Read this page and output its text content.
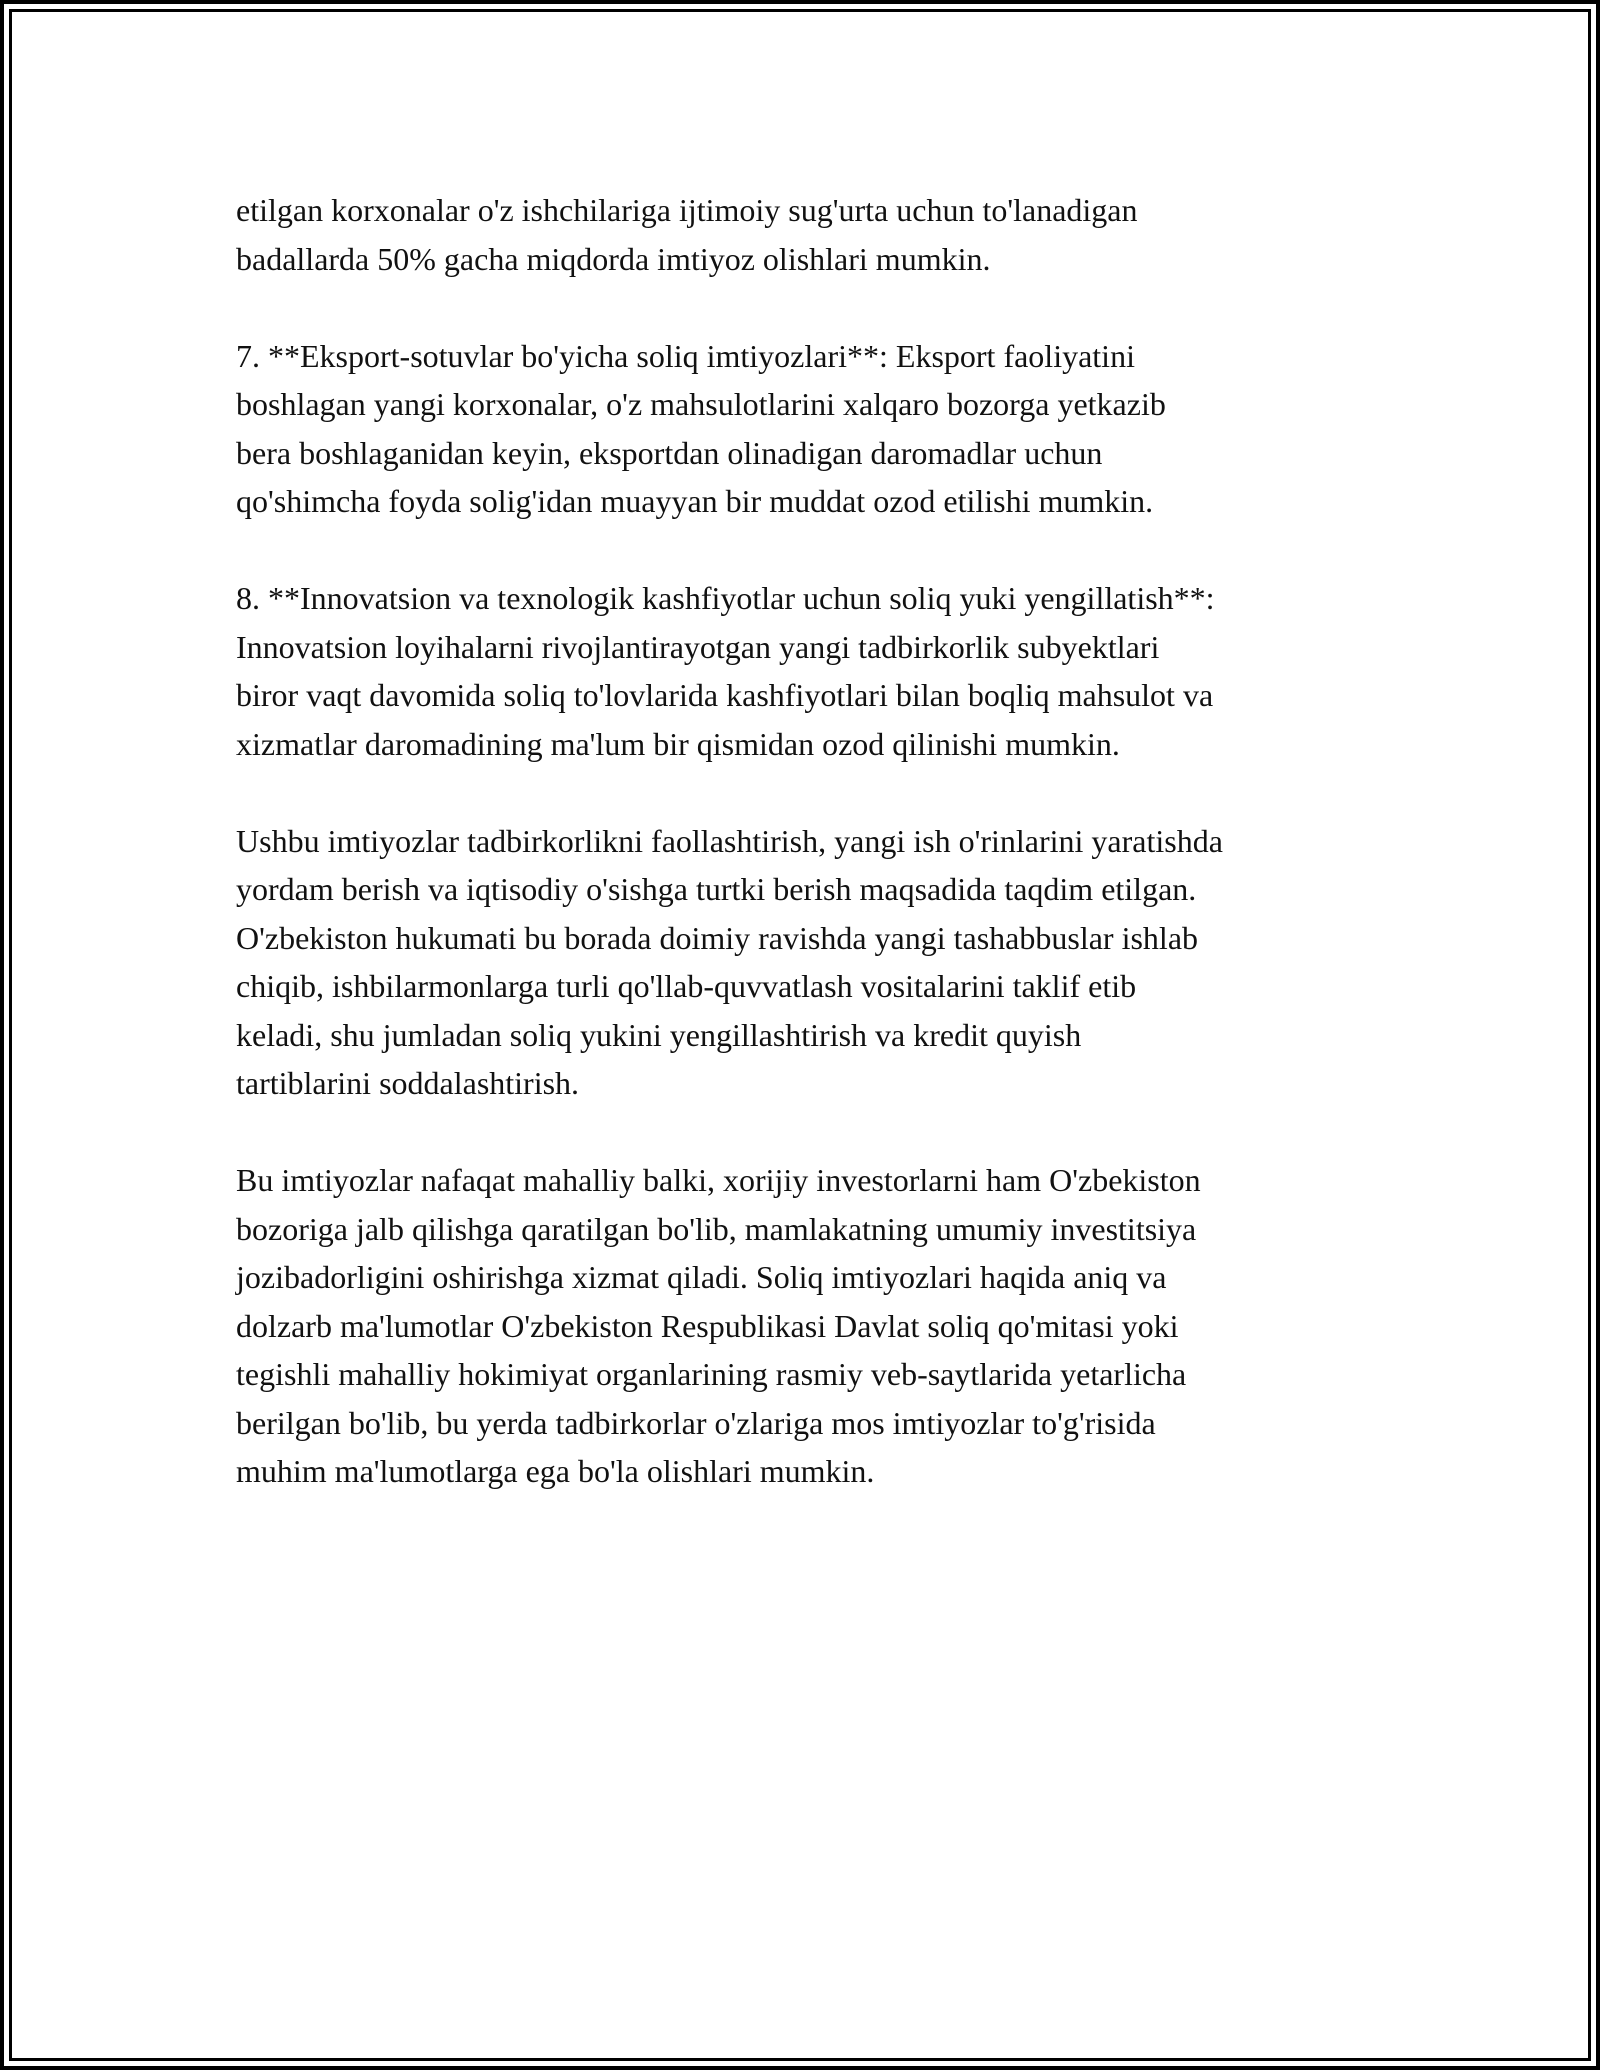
etilgan korxonalar o'z ishchilariga ijtimoiy sug'urta uchun to'lanadigan
badallarda 50% gacha miqdorda imtiyoz olishlari mumkin.

7. **Eksport-sotuvlar bo'yicha soliq imtiyozlari**: Eksport faoliyatini
boshlagan yangi korxonalar, o'z mahsulotlarini xalqaro bozorga yetkazib
bera boshlaganidan keyin, eksportdan olinadigan daromadlar uchun
qo'shimcha foyda solig'idan muayyan bir muddat ozod etilishi mumkin.

8. **Innovatsion va texnologik kashfiyotlar uchun soliq yuki yengillatish**:
Innovatsion loyihalarni rivojlantirayotgan yangi tadbirkorlik subyektlari
biror vaqt davomida soliq to'lovlarida kashfiyotlari bilan boqliq mahsulot va
xizmatlar daromadining ma'lum bir qismidan ozod qilinishi mumkin.

Ushbu imtiyozlar tadbirkorlikni faollashtirish, yangi ish o'rinlarini yaratishda
yordam berish va iqtisodiy o'sishga turtki berish maqsadida taqdim etilgan.
O'zbekiston hukumati bu borada doimiy ravishda yangi tashabbuslar ishlab
chiqib, ishbilarmonlarga turli qo'llab-quvvatlash vositalarini taklif etib
keladi, shu jumladan soliq yukini yengillashtirish va kredit quyish
tartiblarini soddalashtirish.

Bu imtiyozlar nafaqat mahalliy balki, xorijiy investorlarni ham O'zbekiston
bozoriga jalb qilishga qaratilgan bo'lib, mamlakatning umumiy investitsiya
jozibadorligini oshirishga xizmat qiladi. Soliq imtiyozlari haqida aniq va
dolzarb ma'lumotlar O'zbekiston Respublikasi Davlat soliq qo'mitasi yoki
tegishli mahalliy hokimiyat organlarining rasmiy veb-saytlarida yetarlicha
berilgan bo'lib, bu yerda tadbirkorlar o'zlariga mos imtiyozlar to'g'risida
muhim ma'lumotlarga ega bo'la olishlari mumkin.
